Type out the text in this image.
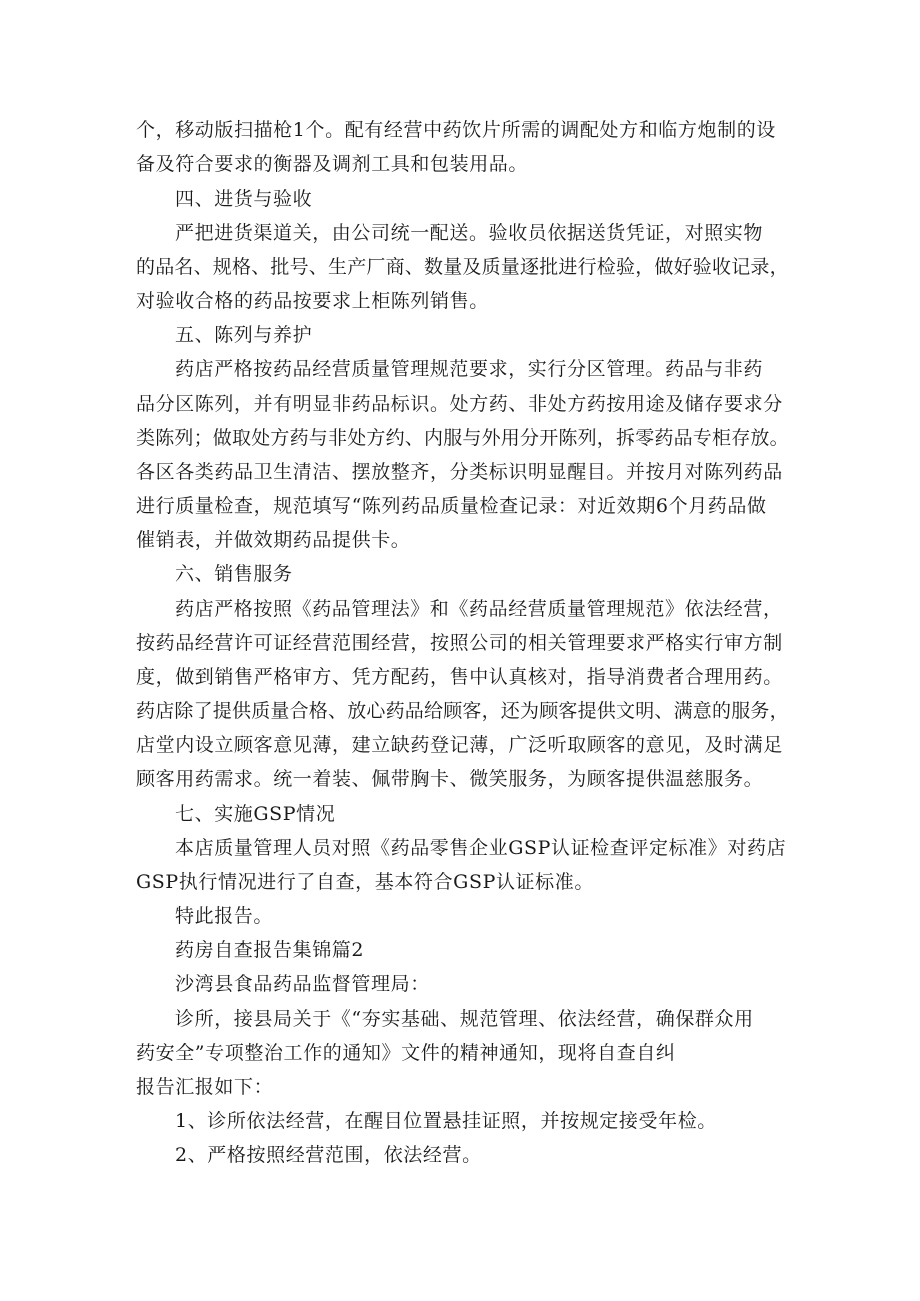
个，移动版扫描枪1个。配有经营中药饮片所需的调配处方和临方炮制的设
备及符合要求的衡器及调剂工具和包装用品。
四、进货与验收
严把进货渠道关，由公司统一配送。验收员依据送货凭证，对照实物
的品名、规格、批号、生产厂商、数量及质量逐批进行检验，做好验收记录，
对验收合格的药品按要求上柜陈列销售。
五、陈列与养护
药店严格按药品经营质量管理规范要求，实行分区管理。药品与非药
品分区陈列，并有明显非药品标识。处方药、非处方药按用途及储存要求分
类陈列；做取处方药与非处方约、内服与外用分开陈列，拆零药品专柜存放。
各区各类药品卫生清洁、摆放整齐，分类标识明显醒目。并按月对陈列药品
进行质量检查，规范填写“陈列药品质量检查记录：对近效期6个月药品做
催销表，并做效期药品提供卡。
六、销售服务
药店严格按照《药品管理法》和《药品经营质量管理规范》依法经营，
按药品经营许可证经营范围经营，按照公司的相关管理要求严格实行审方制
度，做到销售严格审方、凭方配药，售中认真核对，指导消费者合理用药。
药店除了提供质量合格、放心药品给顾客，还为顾客提供文明、满意的服务，
店堂内设立顾客意见薄，建立缺药登记薄，广泛听取顾客的意见，及时满足
顾客用药需求。统一着装、佩带胸卡、微笑服务，为顾客提供温慈服务。
七、实施GSP情况
本店质量管理人员对照《药品零售企业GSP认证检查评定标准》对药店
GSP执行情况进行了自查，基本符合GSP认证标准。
特此报告。
药房自查报告集锦篇2
沙湾县食品药品监督管理局：
诊所，接县局关于《“夯实基础、规范管理、依法经营，确保群众用
药安全”专项整治工作的通知》文件的精神通知，现将自查自纠
报告汇报如下：
1、诊所依法经营，在醒目位置悬挂证照，并按规定接受年检。
2、严格按照经营范围，依法经营。
